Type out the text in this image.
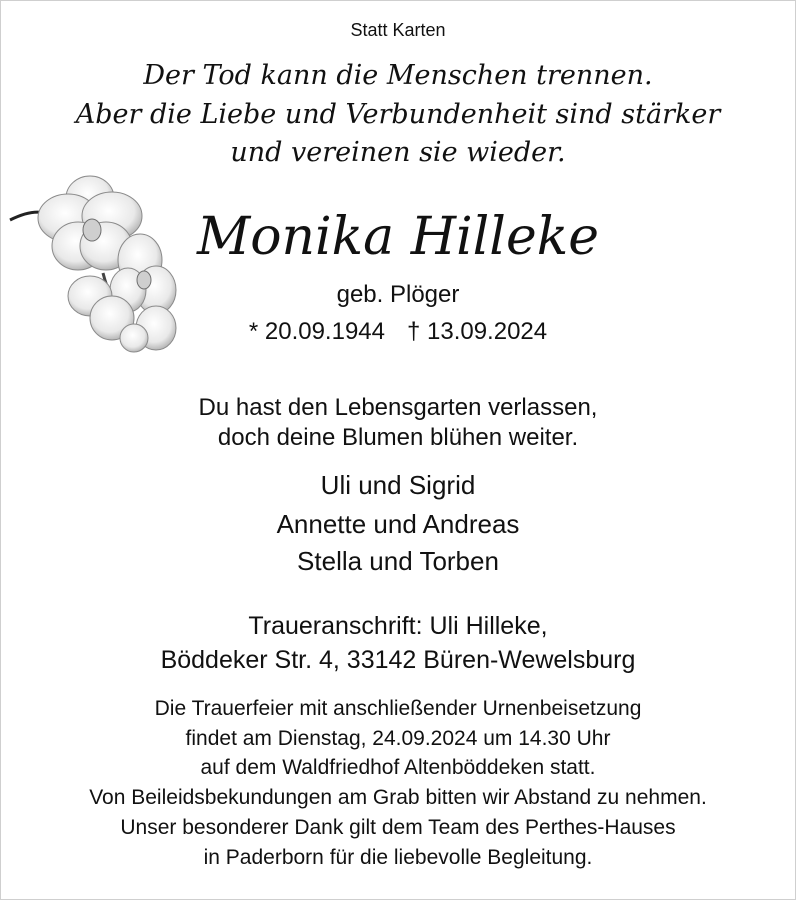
Statt Karten
Der Tod kann die Menschen trennen.
Aber die Liebe und Verbundenheit sind stärker
und vereinen sie wieder.
Monika Hilleke
geb. Plöger
* 20.09.1944 † 13.09.2024
Du hast den Lebensgarten verlassen,
doch deine Blumen blühen weiter.
Uli und Sigrid
Annette und Andreas
Stella und Torben
Traueranschrift: Uli Hilleke,
Böddeker Str. 4, 33142 Büren-Wewelsburg
Die Trauerfeier mit anschließender Urnenbeisetzung
findet am Dienstag, 24.09.2024 um 14.30 Uhr
auf dem Waldfriedhof Altenböddeken statt.
Von Beileidsbekundungen am Grab bitten wir Abstand zu nehmen.
Unser besonderer Dank gilt dem Team des Perthes-Hauses
in Paderborn für die liebevolle Begleitung.
